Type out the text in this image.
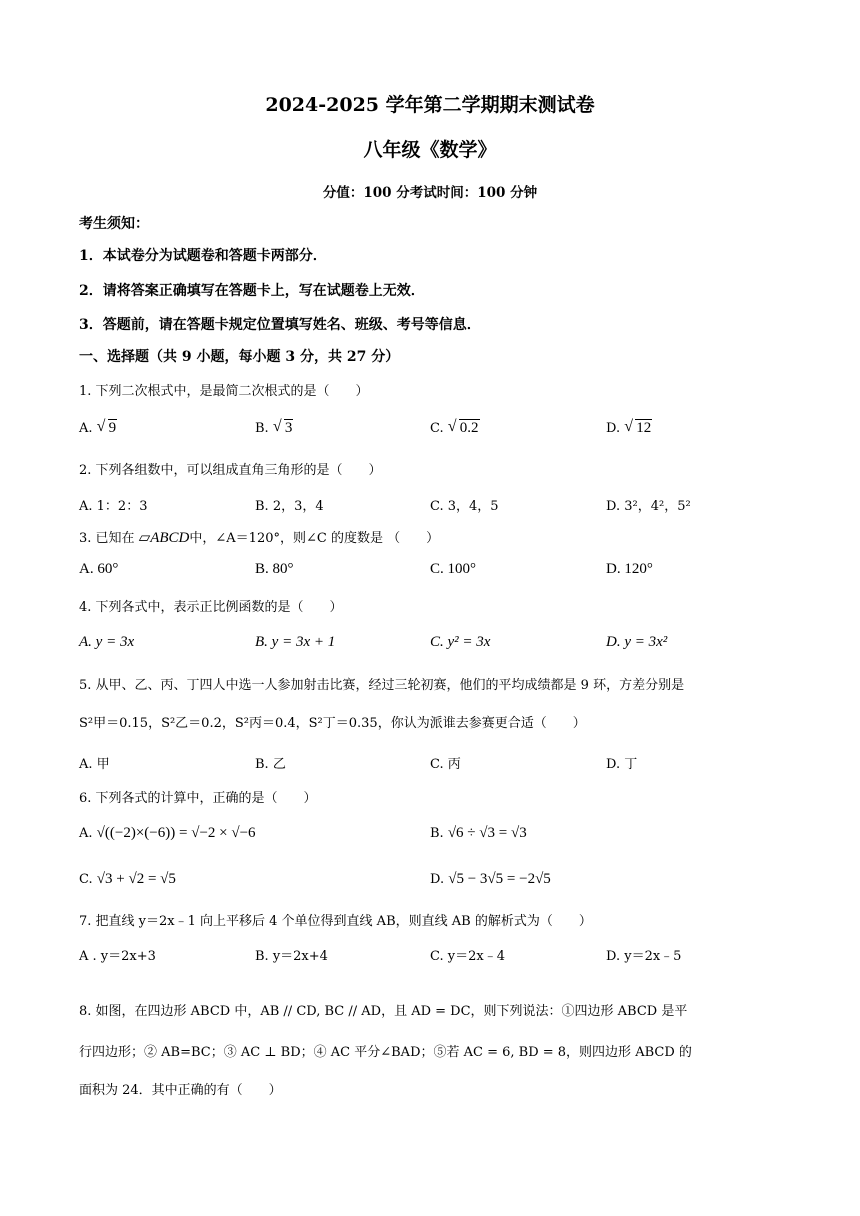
2024-2025 学年第二学期期末测试卷
八年级《数学》
分值：100 分考试时间：100 分钟
考生须知：
1．本试卷分为试题卷和答题卡两部分．
2．请将答案正确填写在答题卡上，写在试题卷上无效．
3．答题前，请在答题卡规定位置填写姓名、班级、考号等信息．
一、选择题（共 9 小题，每小题 3 分，共 27 分）
1. 下列二次根式中，是最简二次根式的是（　　）
A. √ 9	B. √ 3	C. √ 0.2	D. √ 12
2. 下列各组数中，可以组成直角三角形的是（　　）
A. 1：2：3	B. 2，3，4	C. 3，4，5	D. 3²，4²，5²
3. 已知在 ▱ABCD中，∠A＝120°，则∠C 的度数是 （　　）
A. 60°	B. 80°	C. 100°	D. 120°
4. 下列各式中，表示正比例函数的是（　　）
A. y = 3x	B. y = 3x + 1	C. y² = 3x	D. y = 3x²
5. 从甲、乙、丙、丁四人中选一人参加射击比赛，经过三轮初赛，他们的平均成绩都是 9 环，方差分别是
S²甲＝0.15，S²乙＝0.2，S²丙＝0.4，S²丁＝0.35，你认为派谁去参赛更合适（　　）
A. 甲	B. 乙	C. 丙	D. 丁
6. 下列各式的计算中，正确的是（　　）
A. √((−2)×(−6)) = √−2 × √−6	B. √6 ÷ √3 = √3
C. √3 + √2 = √5	D. √5 − 3√5 = −2√5
7. 把直线 y＝2x﹣1 向上平移后 4 个单位得到直线 AB，则直线 AB 的解析式为（　　）
A . y＝2x+3	B. y＝2x+4	C. y＝2x﹣4	D. y＝2x﹣5
8. 如图，在四边形 ABCD 中，AB // CD, BC // AD，且 AD = DC，则下列说法：①四边形 ABCD 是平
行四边形；② AB=BC；③ AC ⊥ BD；④ AC 平分∠BAD；⑤若 AC = 6, BD = 8，则四边形 ABCD 的
面积为 24．其中正确的有（　　）
